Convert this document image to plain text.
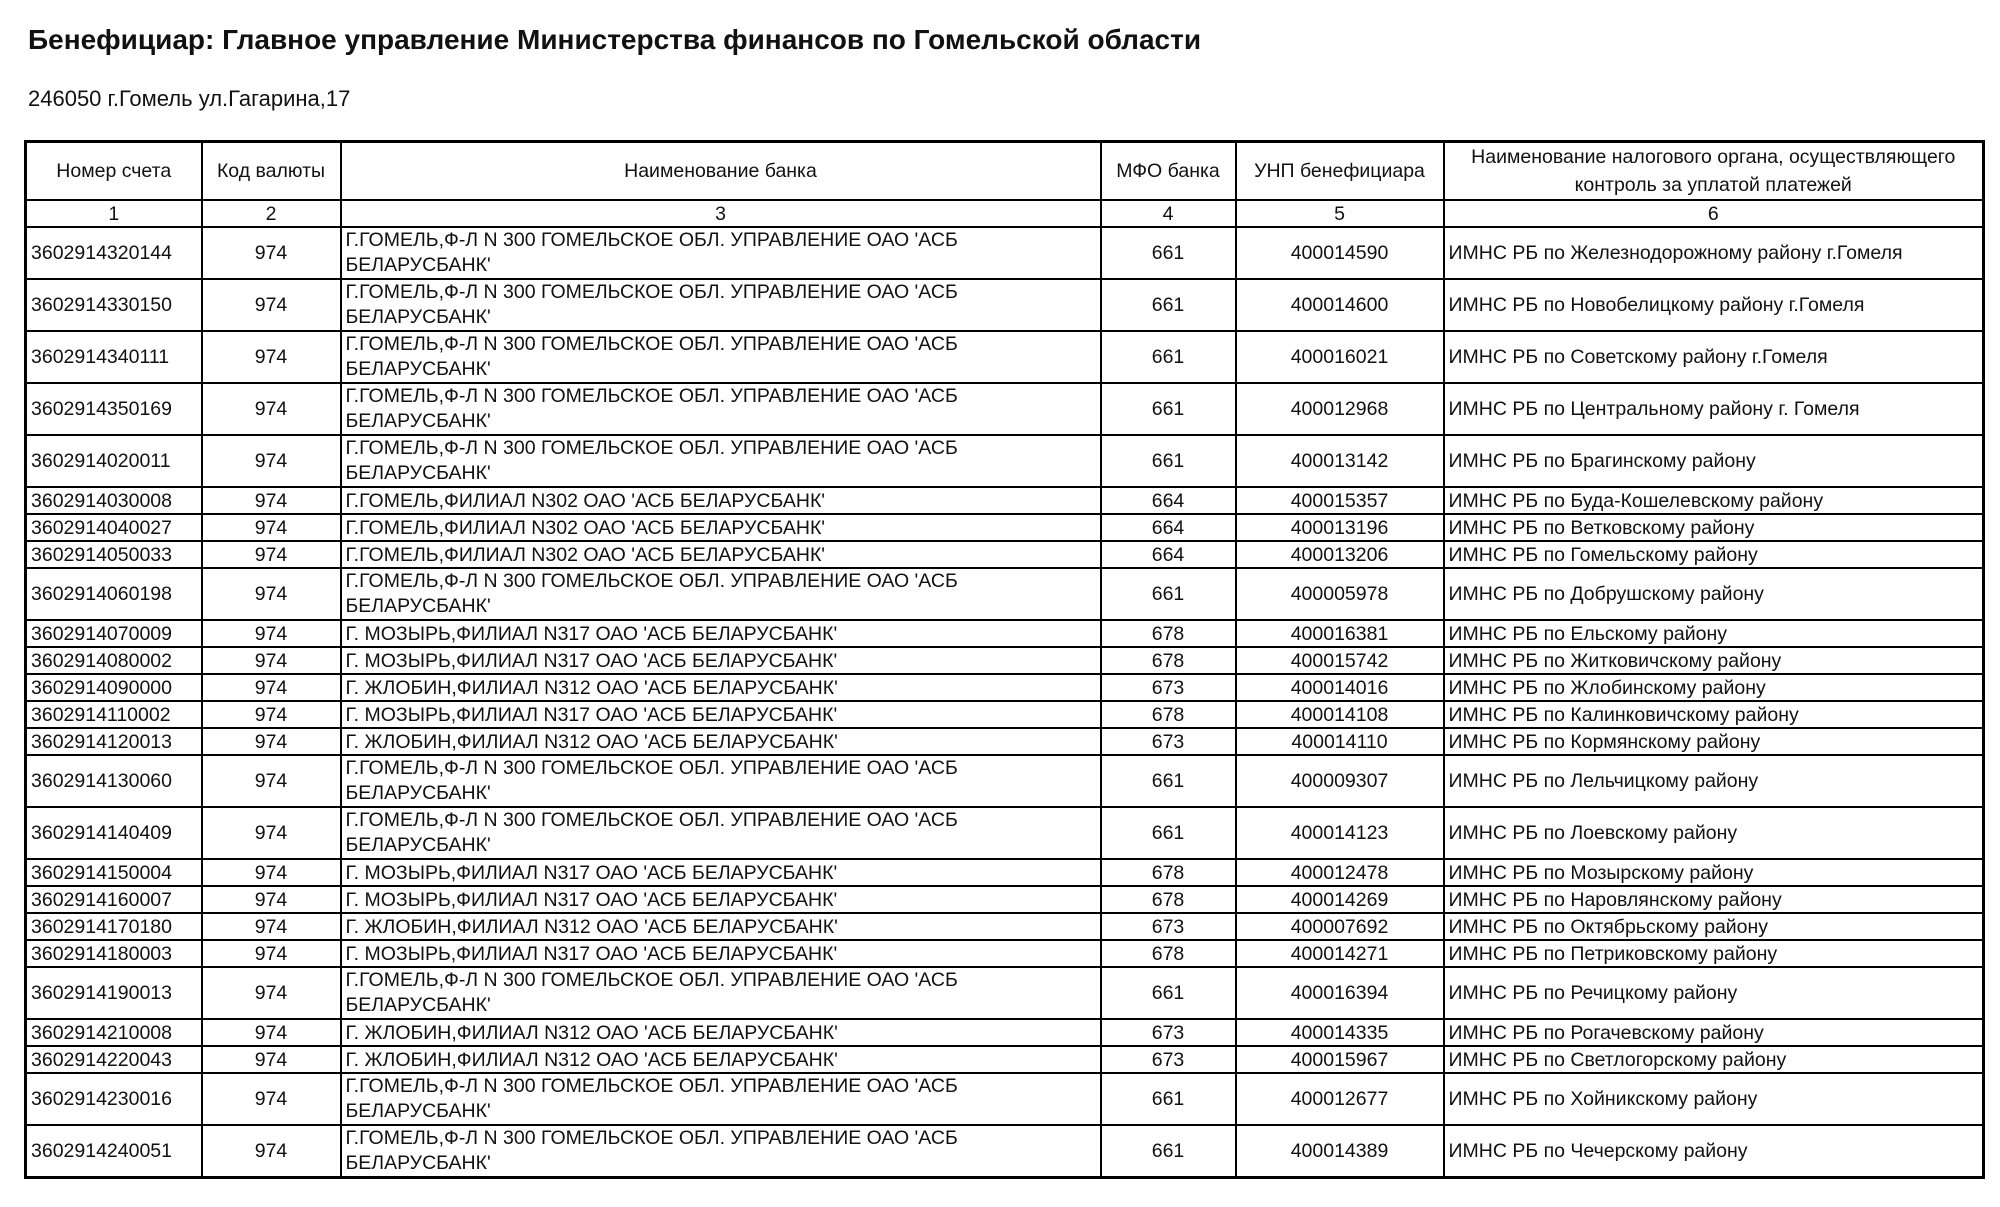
Бенефициар: Главное управление Министерства финансов по Гомельской области
246050 г.Гомель ул.Гагарина,17
Номер счета	Код валюты	Наименование банка	МФО банка	УНП бенефициара	Наименование налогового органа, осуществляющего контроль за уплатой платежей
1	2	3	4	5	6
3602914320144	974	Г.ГОМЕЛЬ,Ф-Л N 300 ГОМЕЛЬСКОЕ ОБЛ. УПРАВЛЕНИЕ ОАО 'АСБ БЕЛАРУСБАНК'	661	400014590	ИМНС РБ по Железнодорожному району г.Гомеля
3602914330150	974	Г.ГОМЕЛЬ,Ф-Л N 300 ГОМЕЛЬСКОЕ ОБЛ. УПРАВЛЕНИЕ ОАО 'АСБ БЕЛАРУСБАНК'	661	400014600	ИМНС РБ по Новобелицкому району г.Гомеля
3602914340111	974	Г.ГОМЕЛЬ,Ф-Л N 300 ГОМЕЛЬСКОЕ ОБЛ. УПРАВЛЕНИЕ ОАО 'АСБ БЕЛАРУСБАНК'	661	400016021	ИМНС РБ по Советскому району г.Гомеля
3602914350169	974	Г.ГОМЕЛЬ,Ф-Л N 300 ГОМЕЛЬСКОЕ ОБЛ. УПРАВЛЕНИЕ ОАО 'АСБ БЕЛАРУСБАНК'	661	400012968	ИМНС РБ по Центральному району г. Гомеля
3602914020011	974	Г.ГОМЕЛЬ,Ф-Л N 300 ГОМЕЛЬСКОЕ ОБЛ. УПРАВЛЕНИЕ ОАО 'АСБ БЕЛАРУСБАНК'	661	400013142	ИМНС РБ по Брагинскому району
3602914030008	974	Г.ГОМЕЛЬ,ФИЛИАЛ N302 ОАО 'АСБ БЕЛАРУСБАНК'	664	400015357	ИМНС РБ по Буда-Кошелевскому району
3602914040027	974	Г.ГОМЕЛЬ,ФИЛИАЛ N302 ОАО 'АСБ БЕЛАРУСБАНК'	664	400013196	ИМНС РБ по Ветковскому району
3602914050033	974	Г.ГОМЕЛЬ,ФИЛИАЛ N302 ОАО 'АСБ БЕЛАРУСБАНК'	664	400013206	ИМНС РБ по Гомельскому району
3602914060198	974	Г.ГОМЕЛЬ,Ф-Л N 300 ГОМЕЛЬСКОЕ ОБЛ. УПРАВЛЕНИЕ ОАО 'АСБ БЕЛАРУСБАНК'	661	400005978	ИМНС РБ по Добрушскому району
3602914070009	974	Г. МОЗЫРЬ,ФИЛИАЛ N317 ОАО 'АСБ БЕЛАРУСБАНК'	678	400016381	ИМНС РБ по Ельскому району
3602914080002	974	Г. МОЗЫРЬ,ФИЛИАЛ N317 ОАО 'АСБ БЕЛАРУСБАНК'	678	400015742	ИМНС РБ по Житковичскому району
3602914090000	974	Г. ЖЛОБИН,ФИЛИАЛ N312 ОАО 'АСБ БЕЛАРУСБАНК'	673	400014016	ИМНС РБ по Жлобинскому району
3602914110002	974	Г. МОЗЫРЬ,ФИЛИАЛ N317 ОАО 'АСБ БЕЛАРУСБАНК'	678	400014108	ИМНС РБ по Калинковичскому району
3602914120013	974	Г. ЖЛОБИН,ФИЛИАЛ N312 ОАО 'АСБ БЕЛАРУСБАНК'	673	400014110	ИМНС РБ по Кормянскому району
3602914130060	974	Г.ГОМЕЛЬ,Ф-Л N 300 ГОМЕЛЬСКОЕ ОБЛ. УПРАВЛЕНИЕ ОАО 'АСБ БЕЛАРУСБАНК'	661	400009307	ИМНС РБ по Лельчицкому району
3602914140409	974	Г.ГОМЕЛЬ,Ф-Л N 300 ГОМЕЛЬСКОЕ ОБЛ. УПРАВЛЕНИЕ ОАО 'АСБ БЕЛАРУСБАНК'	661	400014123	ИМНС РБ по Лоевскому району
3602914150004	974	Г. МОЗЫРЬ,ФИЛИАЛ N317 ОАО 'АСБ БЕЛАРУСБАНК'	678	400012478	ИМНС РБ по Мозырскому району
3602914160007	974	Г. МОЗЫРЬ,ФИЛИАЛ N317 ОАО 'АСБ БЕЛАРУСБАНК'	678	400014269	ИМНС РБ по Наровлянскому району
3602914170180	974	Г. ЖЛОБИН,ФИЛИАЛ N312 ОАО 'АСБ БЕЛАРУСБАНК'	673	400007692	ИМНС РБ по Октябрьскому району
3602914180003	974	Г. МОЗЫРЬ,ФИЛИАЛ N317 ОАО 'АСБ БЕЛАРУСБАНК'	678	400014271	ИМНС РБ по Петриковскому району
3602914190013	974	Г.ГОМЕЛЬ,Ф-Л N 300 ГОМЕЛЬСКОЕ ОБЛ. УПРАВЛЕНИЕ ОАО 'АСБ БЕЛАРУСБАНК'	661	400016394	ИМНС РБ по Речицкому району
3602914210008	974	Г. ЖЛОБИН,ФИЛИАЛ N312 ОАО 'АСБ БЕЛАРУСБАНК'	673	400014335	ИМНС РБ по Рогачевскому району
3602914220043	974	Г. ЖЛОБИН,ФИЛИАЛ N312 ОАО 'АСБ БЕЛАРУСБАНК'	673	400015967	ИМНС РБ по Светлогорскому району
3602914230016	974	Г.ГОМЕЛЬ,Ф-Л N 300 ГОМЕЛЬСКОЕ ОБЛ. УПРАВЛЕНИЕ ОАО 'АСБ БЕЛАРУСБАНК'	661	400012677	ИМНС РБ по Хойникскому району
3602914240051	974	Г.ГОМЕЛЬ,Ф-Л N 300 ГОМЕЛЬСКОЕ ОБЛ. УПРАВЛЕНИЕ ОАО 'АСБ БЕЛАРУСБАНК'	661	400014389	ИМНС РБ по Чечерскому району
